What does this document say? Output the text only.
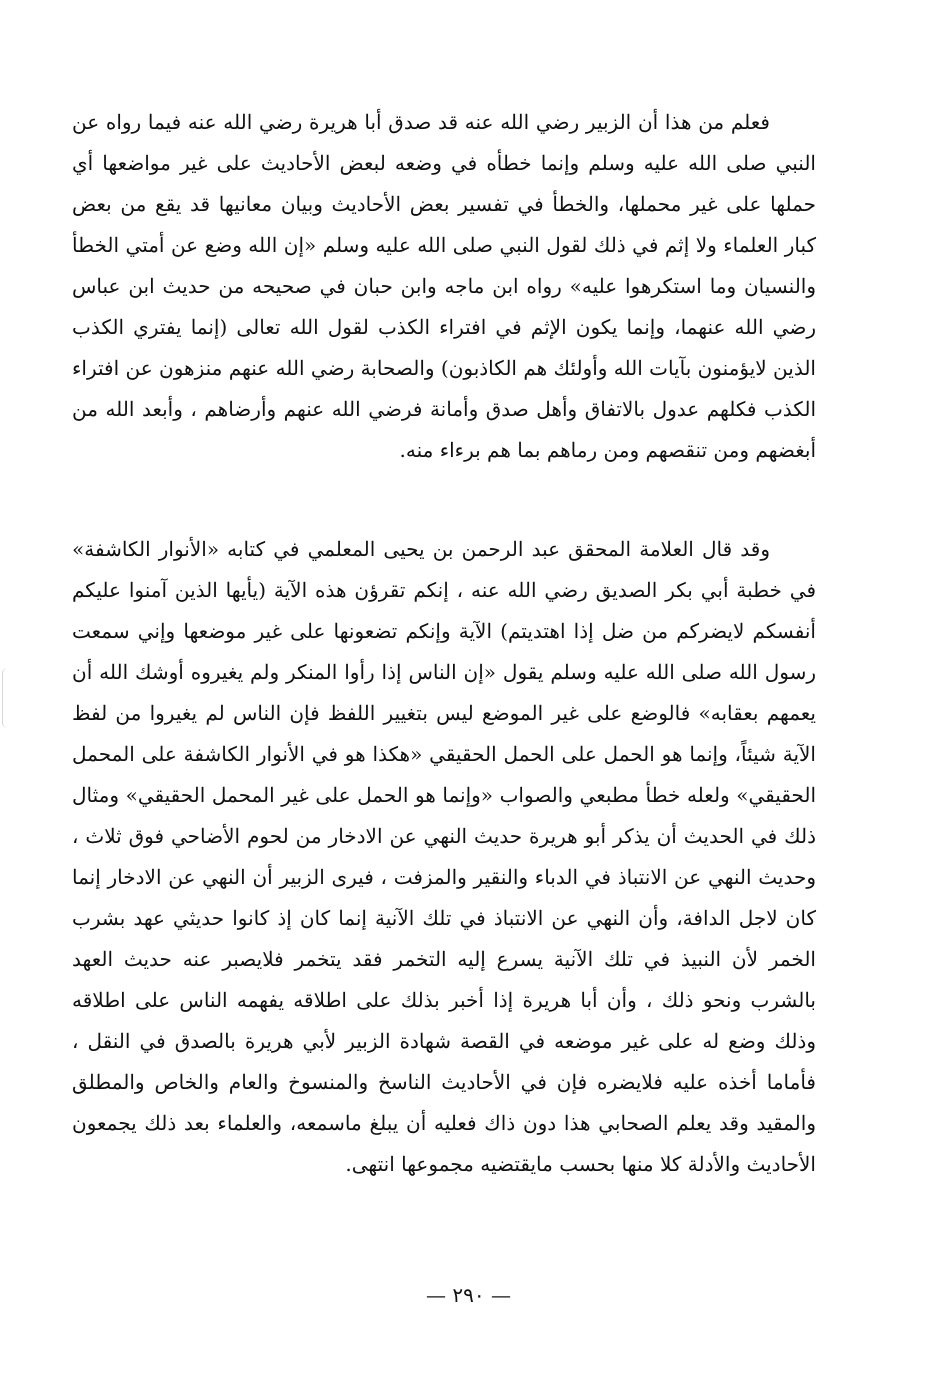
فعلم من هذا أن الزبير رضي الله عنه قد صدق أبا هريرة رضي الله عنه فيما رواه عن النبي صلى الله عليه وسلم وإنما خطأه في وضعه لبعض الأحاديث على غير مواضعها أي حملها على غير محملها، والخطأ في تفسير بعض الأحاديث وبيان معانيها قد يقع من بعض كبار العلماء ولا إثم في ذلك لقول النبي صلى الله عليه وسلم «إن الله وضع عن أمتي الخطأ والنسيان وما استكرهوا عليه» رواه ابن ماجه وابن حبان في صحيحه من حديث ابن عباس رضي الله عنهما، وإنما يكون الإثم في افتراء الكذب لقول الله تعالى (إنما يفتري الكذب الذين لايؤمنون بآيات الله وأولئك هم الكاذبون) والصحابة رضي الله عنهم منزهون عن افتراء الكذب فكلهم عدول بالاتفاق وأهل صدق وأمانة فرضي الله عنهم وأرضاهم ، وأبعد الله من أبغضهم ومن تنقصهم ومن رماهم بما هم برءاء منه.

وقد قال العلامة المحقق عبد الرحمن بن يحيى المعلمي في كتابه «الأنوار الكاشفة» في خطبة أبي بكر الصديق رضي الله عنه ، إنكم تقرؤن هذه الآية (يأيها الذين آمنوا عليكم أنفسكم لايضركم من ضل إذا اهتديتم) الآية وإنكم تضعونها على غير موضعها وإني سمعت رسول الله صلى الله عليه وسلم يقول «إن الناس إذا رأوا المنكر ولم يغيروه أوشك الله أن يعمهم بعقابه» فالوضع على غير الموضع ليس بتغيير اللفظ فإن الناس لم يغيروا من لفظ الآية شيئاً، وإنما هو الحمل على الحمل الحقيقي «هكذا هو في الأنوار الكاشفة على المحمل الحقيقي» ولعله خطأ مطبعي والصواب «وإنما هو الحمل على غير المحمل الحقيقي» ومثال ذلك في الحديث أن يذكر أبو هريرة حديث النهي عن الادخار من لحوم الأضاحي فوق ثلاث ، وحديث النهي عن الانتباذ في الدباء والنقير والمزفت ، فيرى الزبير أن النهي عن الادخار إنما كان لاجل الدافة، وأن النهي عن الانتباذ في تلك الآنية إنما كان إذ كانوا حديثي عهد بشرب الخمر لأن النبيذ في تلك الآنية يسرع إليه التخمر فقد يتخمر فلايصبر عنه حديث العهد بالشرب ونحو ذلك ، وأن أبا هريرة إذا أخبر بذلك على اطلاقه يفهمه الناس على اطلاقه وذلك وضع له على غير موضعه في القصة شهادة الزبير لأبي هريرة بالصدق في النقل ، فأماما أخذه عليه فلايضره فإن في الأحاديث الناسخ والمنسوخ والعام والخاص والمطلق والمقيد وقد يعلم الصحابي هذا دون ذاك فعليه أن يبلغ ماسمعه، والعلماء بعد ذلك يجمعون الأحاديث والأدلة كلا منها بحسب مايقتضيه مجموعها انتهى.

— ٢٩٠ —
